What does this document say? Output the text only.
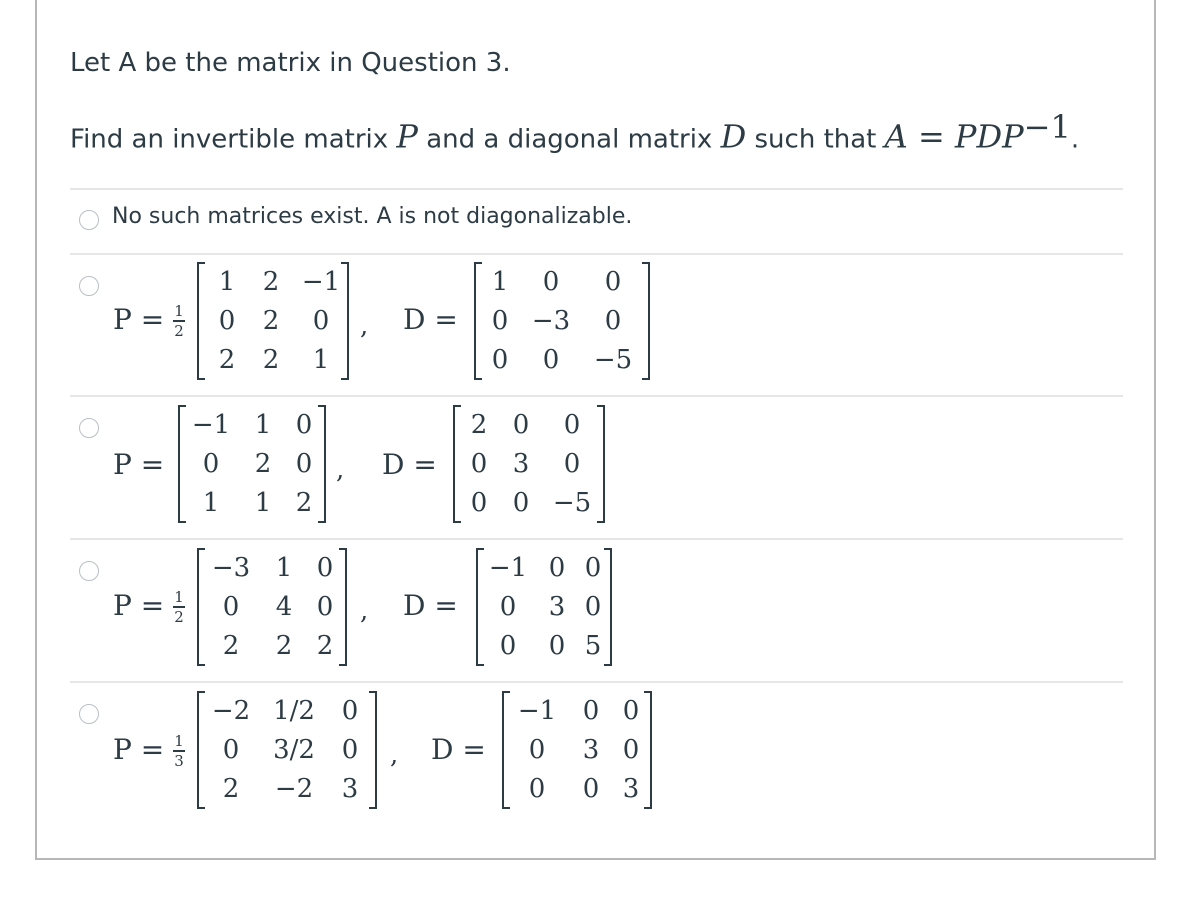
Let A be the matrix in Question 3.
Find an invertible matrix P and a diagonal matrix D such that $A = PDP^{-1}$.
No such matrices exist. A is not diagonalizable.
P = 1
2
1	2 −1
0	2	0
2	2	1
, D =
1	0	0
0 −3	0
0	0	−5
P =
−1 1 0
0	2 0
1	1 2
, D =
2 0	0
0 3	0
0 0 −5
P = 1
2
−3 1 0
0	4 0
2	2 2
, D =
−1 0 0
0	3 0
0	0 5
P = 1
3
−2 1/2	0
0	3/2	0
2	−2	3
, D =
−1	0 0
0	3 0
0	0 3
